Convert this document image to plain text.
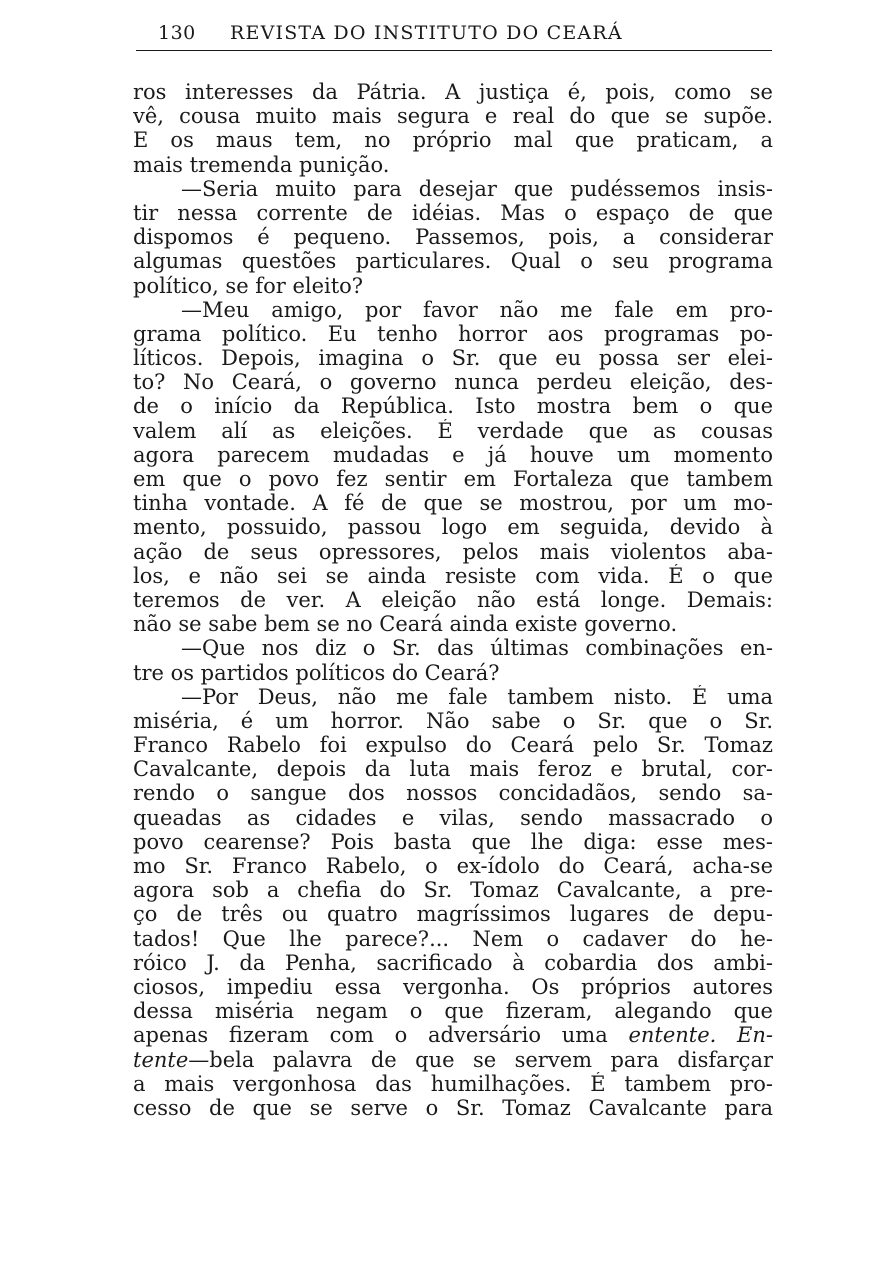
130 REVISTA DO INSTITUTO DO CEARÁ
ros interesses da Pátria. A justiça é, pois, como se
vê, cousa muito mais segura e real do que se supõe.
E os maus tem, no próprio mal que praticam, a
mais tremenda punição.
—Seria muito para desejar que pudéssemos insis-
tir nessa corrente de idéias. Mas o espaço de que
dispomos é pequeno. Passemos, pois, a considerar
algumas questões particulares. Qual o seu programa
político, se for eleito?
—Meu amigo, por favor não me fale em pro-
grama político. Eu tenho horror aos programas po-
líticos. Depois, imagina o Sr. que eu possa ser elei-
to? No Ceará, o governo nunca perdeu eleição, des-
de o início da República. Isto mostra bem o que
valem alí as eleições. É verdade que as cousas
agora parecem mudadas e já houve um momento
em que o povo fez sentir em Fortaleza que tambem
tinha vontade. A fé de que se mostrou, por um mo-
mento, possuido, passou logo em seguida, devido à
ação de seus opressores, pelos mais violentos aba-
los, e não sei se ainda resiste com vida. É o que
teremos de ver. A eleição não está longe. Demais:
não se sabe bem se no Ceará ainda existe governo.
—Que nos diz o Sr. das últimas combinações en-
tre os partidos políticos do Ceará?
—Por Deus, não me fale tambem nisto. É uma
miséria, é um horror. Não sabe o Sr. que o Sr.
Franco Rabelo foi expulso do Ceará pelo Sr. Tomaz
Cavalcante, depois da luta mais feroz e brutal, cor-
rendo o sangue dos nossos concidadãos, sendo sa-
queadas as cidades e vilas, sendo massacrado o
povo cearense? Pois basta que lhe diga: esse mes-
mo Sr. Franco Rabelo, o ex-ídolo do Ceará, acha-se
agora sob a chefia do Sr. Tomaz Cavalcante, a pre-
ço de três ou quatro magríssimos lugares de depu-
tados! Que lhe parece?... Nem o cadaver do he-
róico J. da Penha, sacrificado à cobardia dos ambi-
ciosos, impediu essa vergonha. Os próprios autores
dessa miséria negam o que fizeram, alegando que
apenas fizeram com o adversário uma entente. En-
tente—bela palavra de que se servem para disfarçar
a mais vergonhosa das humilhações. É tambem pro-
cesso de que se serve o Sr. Tomaz Cavalcante para
